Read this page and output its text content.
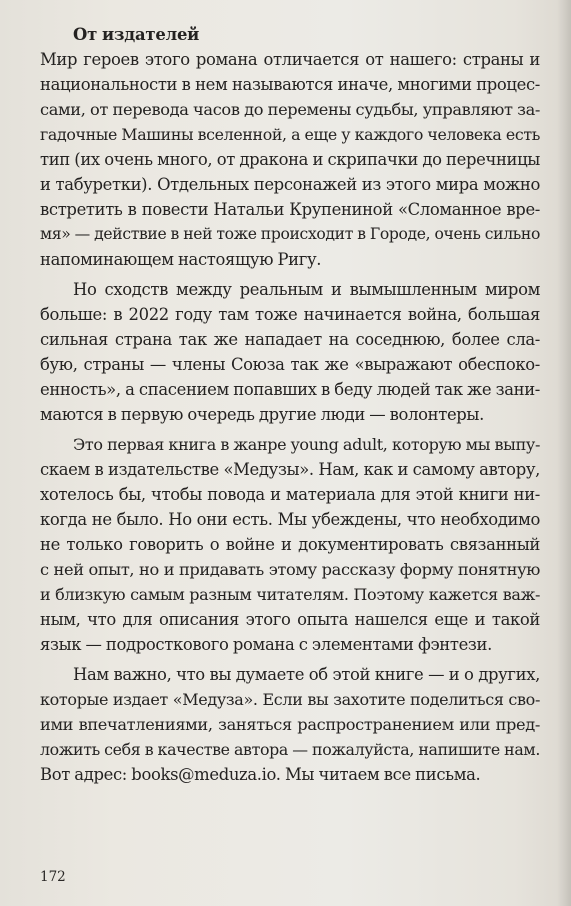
От издателей
Мир героев этого романа отличается от нашего: страны и
национальности в нем называются иначе, многими процес-
сами, от перевода часов до перемены судьбы, управляют за-
гадочные Машины вселенной, а еще у каждого человека есть
тип (их очень много, от дракона и скрипачки до перечницы
и табуретки). Отдельных персонажей из этого мира можно
встретить в повести Натальи Крупениной «Сломанное вре-
мя» — действие в ней тоже происходит в Городе, очень сильно
напоминающем настоящую Ригу.
Но сходств между реальным и вымышленным миром
больше: в 2022 году там тоже начинается война, большая
сильная страна так же нападает на соседнюю, более сла-
бую, страны — члены Союза так же «выражают обеспоко-
енность», а спасением попавших в беду людей так же зани-
маются в первую очередь другие люди — волонтеры.
Это первая книга в жанре young adult, которую мы выпу-
скаем в издательстве «Медузы». Нам, как и самому автору,
хотелось бы, чтобы повода и материала для этой книги ни-
когда не было. Но они есть. Мы убеждены, что необходимо
не только говорить о войне и документировать связанный
с ней опыт, но и придавать этому рассказу форму понятную
и близкую самым разным читателям. Поэтому кажется важ-
ным, что для описания этого опыта нашелся еще и такой
язык — подросткового романа с элементами фэнтези.
Нам важно, что вы думаете об этой книге — и о других,
которые издает «Медуза». Если вы захотите поделиться сво-
ими впечатлениями, заняться распространением или пред-
ложить себя в качестве автора — пожалуйста, напишите нам.
Вот адрес: books@meduza.io. Мы читаем все письма.
172
